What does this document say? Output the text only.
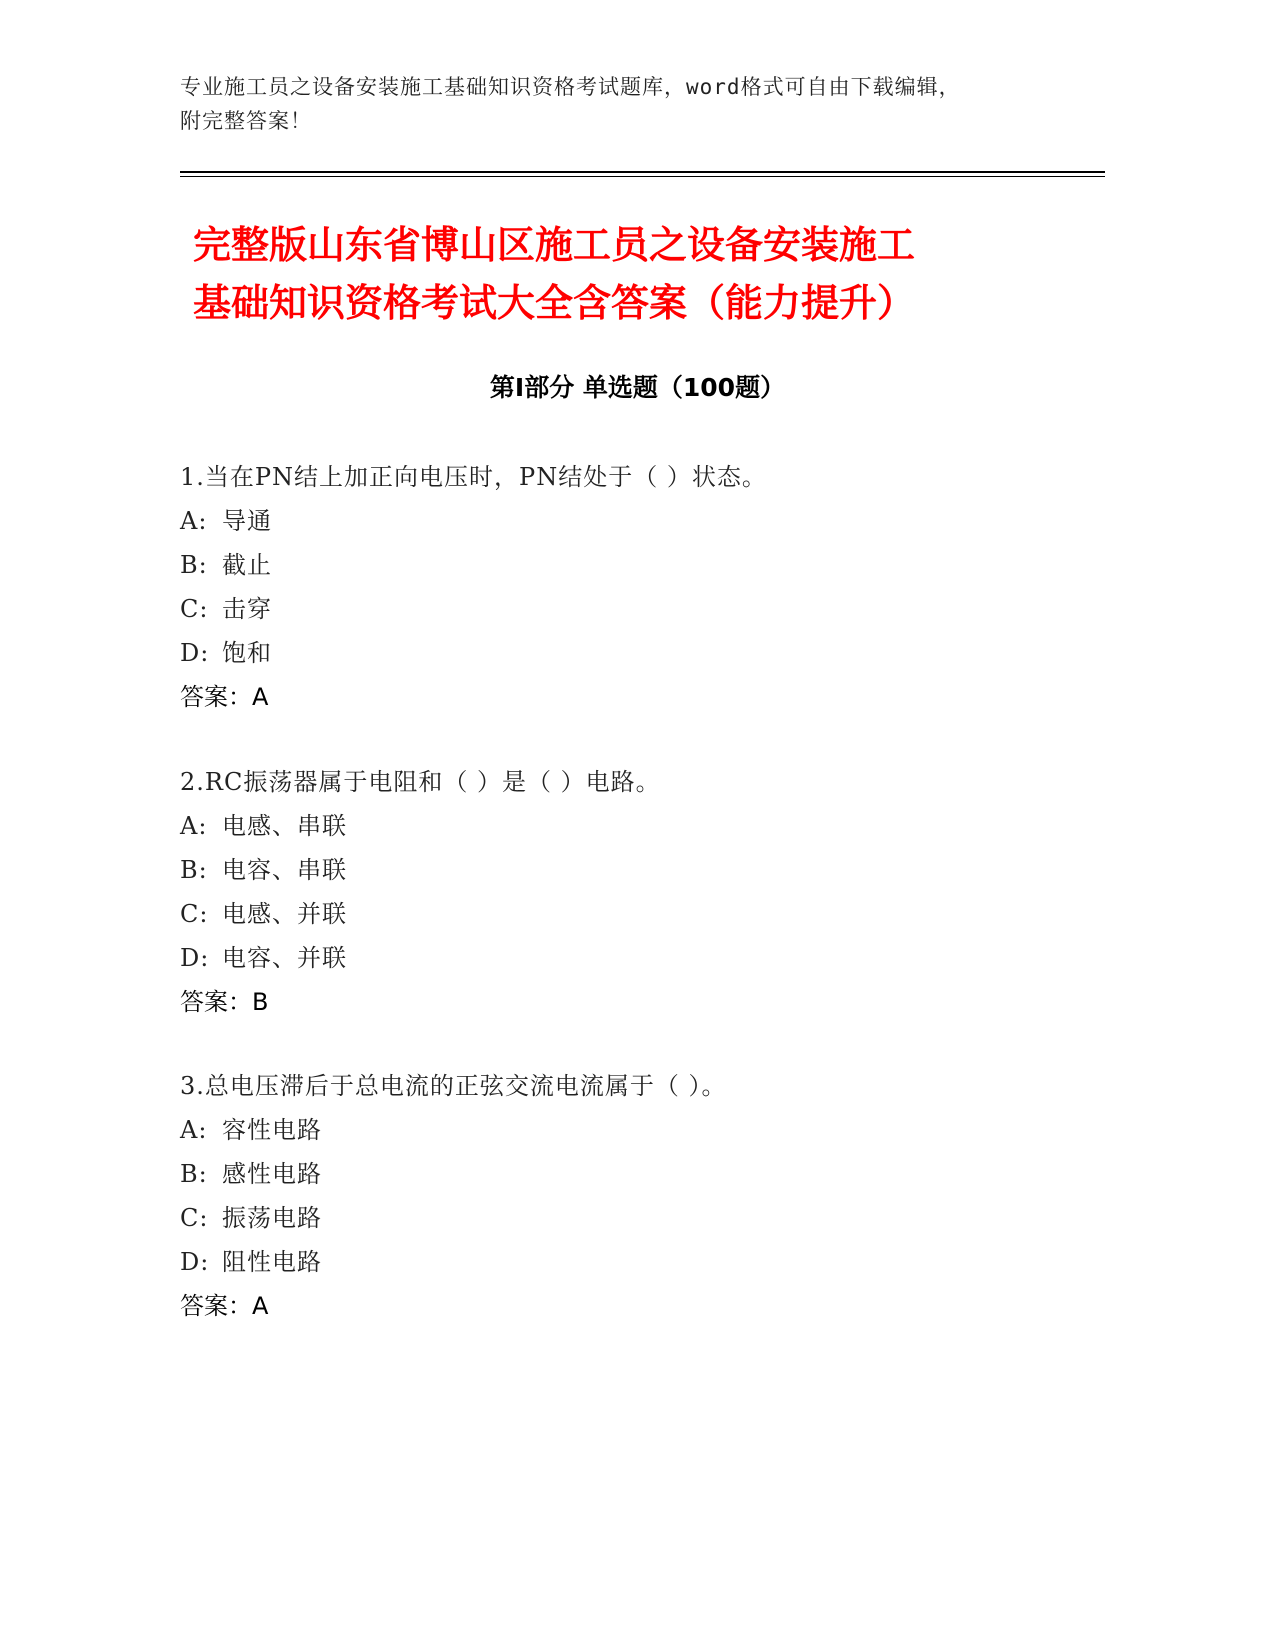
专业施工员之设备安装施工基础知识资格考试题库，word格式可自由下载编辑，
附完整答案！
完整版山东省博山区施工员之设备安装施工
基础知识资格考试大全含答案（能力提升）
第Ⅰ部分 单选题（100题）
1.当在PN结上加正向电压时，PN结处于（ ）状态。
A: 导通
B: 截止
C: 击穿
D: 饱和
答案：A
2.RC振荡器属于电阻和（ ）是（ ）电路。
A: 电感、串联
B: 电容、串联
C: 电感、并联
D: 电容、并联
答案：B
3.总电压滞后于总电流的正弦交流电流属于（ ）。
A: 容性电路
B: 感性电路
C: 振荡电路
D: 阻性电路
答案：A
